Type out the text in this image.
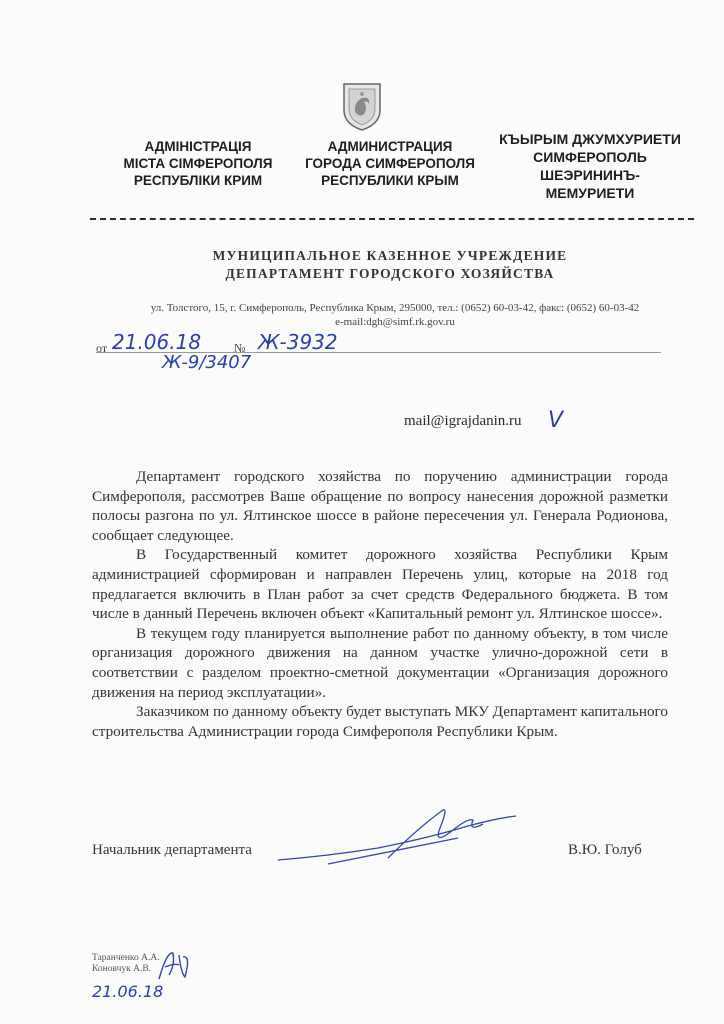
АДМІНІСТРАЦІЯ
МІСТА СІМФЕРОПОЛЯ
РЕСПУБЛІКИ КРИМ
АДМИНИСТРАЦИЯ
ГОРОДА СИМФЕРОПОЛЯ
РЕСПУБЛИКИ КРЫМ
КЪЫРЫМ ДЖУМХУРИЕТИ
СИМФЕРОПОЛЬ
ШЕЭРИНИНЪ-
МЕМУРИЕТИ
МУНИЦИПАЛЬНОЕ КАЗЕННОЕ УЧРЕЖДЕНИЕ
ДЕПАРТАМЕНТ ГОРОДСКОГО ХОЗЯЙСТВА
ул. Толстого, 15, г. Симферополь, Республика Крым, 295000, тел.: (0652) 60-03-42, факс: (0652) 60-03-42
e-mail:dgh@simf.rk.gov.ru
от 21.06.18	№ Ж-3932
Ж-9/3407
mail@igrajdanin.ru V

Департамент городского хозяйства по поручению администрации города Симферополя, рассмотрев Ваше обращение по вопросу нанесения дорожной разметки полосы разгона по ул. Ялтинское шоссе в районе пересечения ул. Генерала Родионова, сообщает следующее.

В Государственный комитет дорожного хозяйства Республики Крым администрацией сформирован и направлен Перечень улиц, которые на 2018 год предлагается включить в План работ за счет средств Федерального бюджета. В том числе в данный Перечень включен объект «Капитальный ремонт ул. Ялтинское шоссе».

В текущем году планируется выполнение работ по данному объекту, в том числе организация дорожного движения на данном участке улично-дорожной сети в соответствии с разделом проектно-сметной документации «Организация дорожного движения на период эксплуатации».

Заказчиком по данному объекту будет выступать МКУ Департамент капитального строительства Администрации города Симферополя Республики Крым.

Начальник департамента	В.Ю. Голуб
Таранченко А.А.
Коновчук А.В.
21.06.18
